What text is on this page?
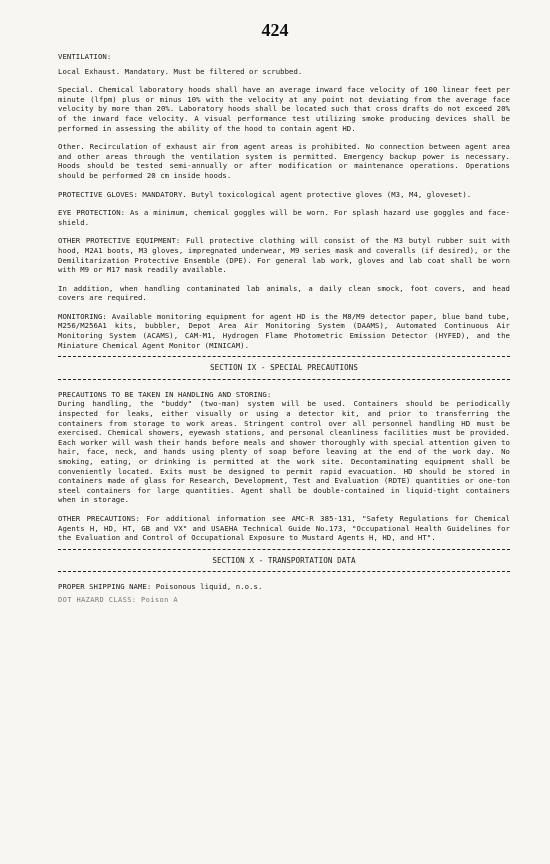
424

VENTILATION:

Local Exhaust. Mandatory. Must be filtered or scrubbed.

Special. Chemical laboratory hoods shall have an average inward face velocity of 100 linear feet per minute (lfpm) plus or minus 10% with the velocity at any point not deviating from the average face velocity by more than 20%. Laboratory hoods shall be located such that cross drafts do not exceed 20% of the inward face velocity. A visual performance test utilizing smoke producing devices shall be performed in assessing the ability of the hood to contain agent HD.

Other. Recirculation of exhaust air from agent areas is prohibited. No connection between agent area and other areas through the ventilation system is permitted. Emergency backup power is necessary. Hoods should be tested semi-annually or after modification or maintenance operations. Operations should be performed 20 cm inside hoods.

PROTECTIVE GLOVES: MANDATORY. Butyl toxicological agent protective gloves (M3, M4, gloveset).

EYE PROTECTION: As a minimum, chemical goggles will be worn. For splash hazard use goggles and face-shield.

OTHER PROTECTIVE EQUIPMENT: Full protective clothing will consist of the M3 butyl rubber suit with hood, M2A1 boots, M3 gloves, impregnated underwear, M9 series mask and coveralls (if desired), or the Demilitarization Protective Ensemble (DPE). For general lab work, gloves and lab coat shall be worn with M9 or M17 mask readily available.

In addition, when handling contaminated lab animals, a daily clean smock, foot covers, and head covers are required.

MONITORING: Available monitoring equipment for agent HD is the M8/M9 detector paper, blue band tube, M256/M256A1 kits, bubbler, Depot Area Air Monitoring System (DAAMS), Automated Continuous Air Monitoring System (ACAMS), CAM-M1, Hydrogen Flame Photometric Emission Detector (HYFED), and the Miniature Chemical Agent Monitor (MINICAM).

SECTION IX - SPECIAL PRECAUTIONS

PRECAUTIONS TO BE TAKEN IN HANDLING AND STORING:

During handling, the "buddy" (two-man) system will be used. Containers should be periodically inspected for leaks, either visually or using a detector kit, and prior to transferring the containers from storage to work areas. Stringent control over all personnel handling HD must be exercised. Chemical showers, eyewash stations, and personal cleanliness facilities must be provided. Each worker will wash their hands before meals and shower thoroughly with special attention given to hair, face, neck, and hands using plenty of soap before leaving at the end of the work day. No smoking, eating, or drinking is permitted at the work site. Decontaminating equipment shall be conveniently located. Exits must be designed to permit rapid evacuation. HD should be stored in containers made of glass for Research, Development, Test and Evaluation (RDTE) quantities or one-ton steel containers for large quantities. Agent shall be double-contained in liquid-tight containers when in storage.

OTHER PRECAUTIONS: For additional information see AMC-R 385-131, "Safety Regulations for Chemical Agents H, HD, HT, GB and VX" and USAEHA Technical Guide No.173, "Occupational Health Guidelines for the Evaluation and Control of Occupational Exposure to Mustard Agents H, HD, and HT".

SECTION X - TRANSPORTATION DATA

PROPER SHIPPING NAME: Poisonous liquid, n.o.s.

DOT HAZARD CLASS: Poison A
